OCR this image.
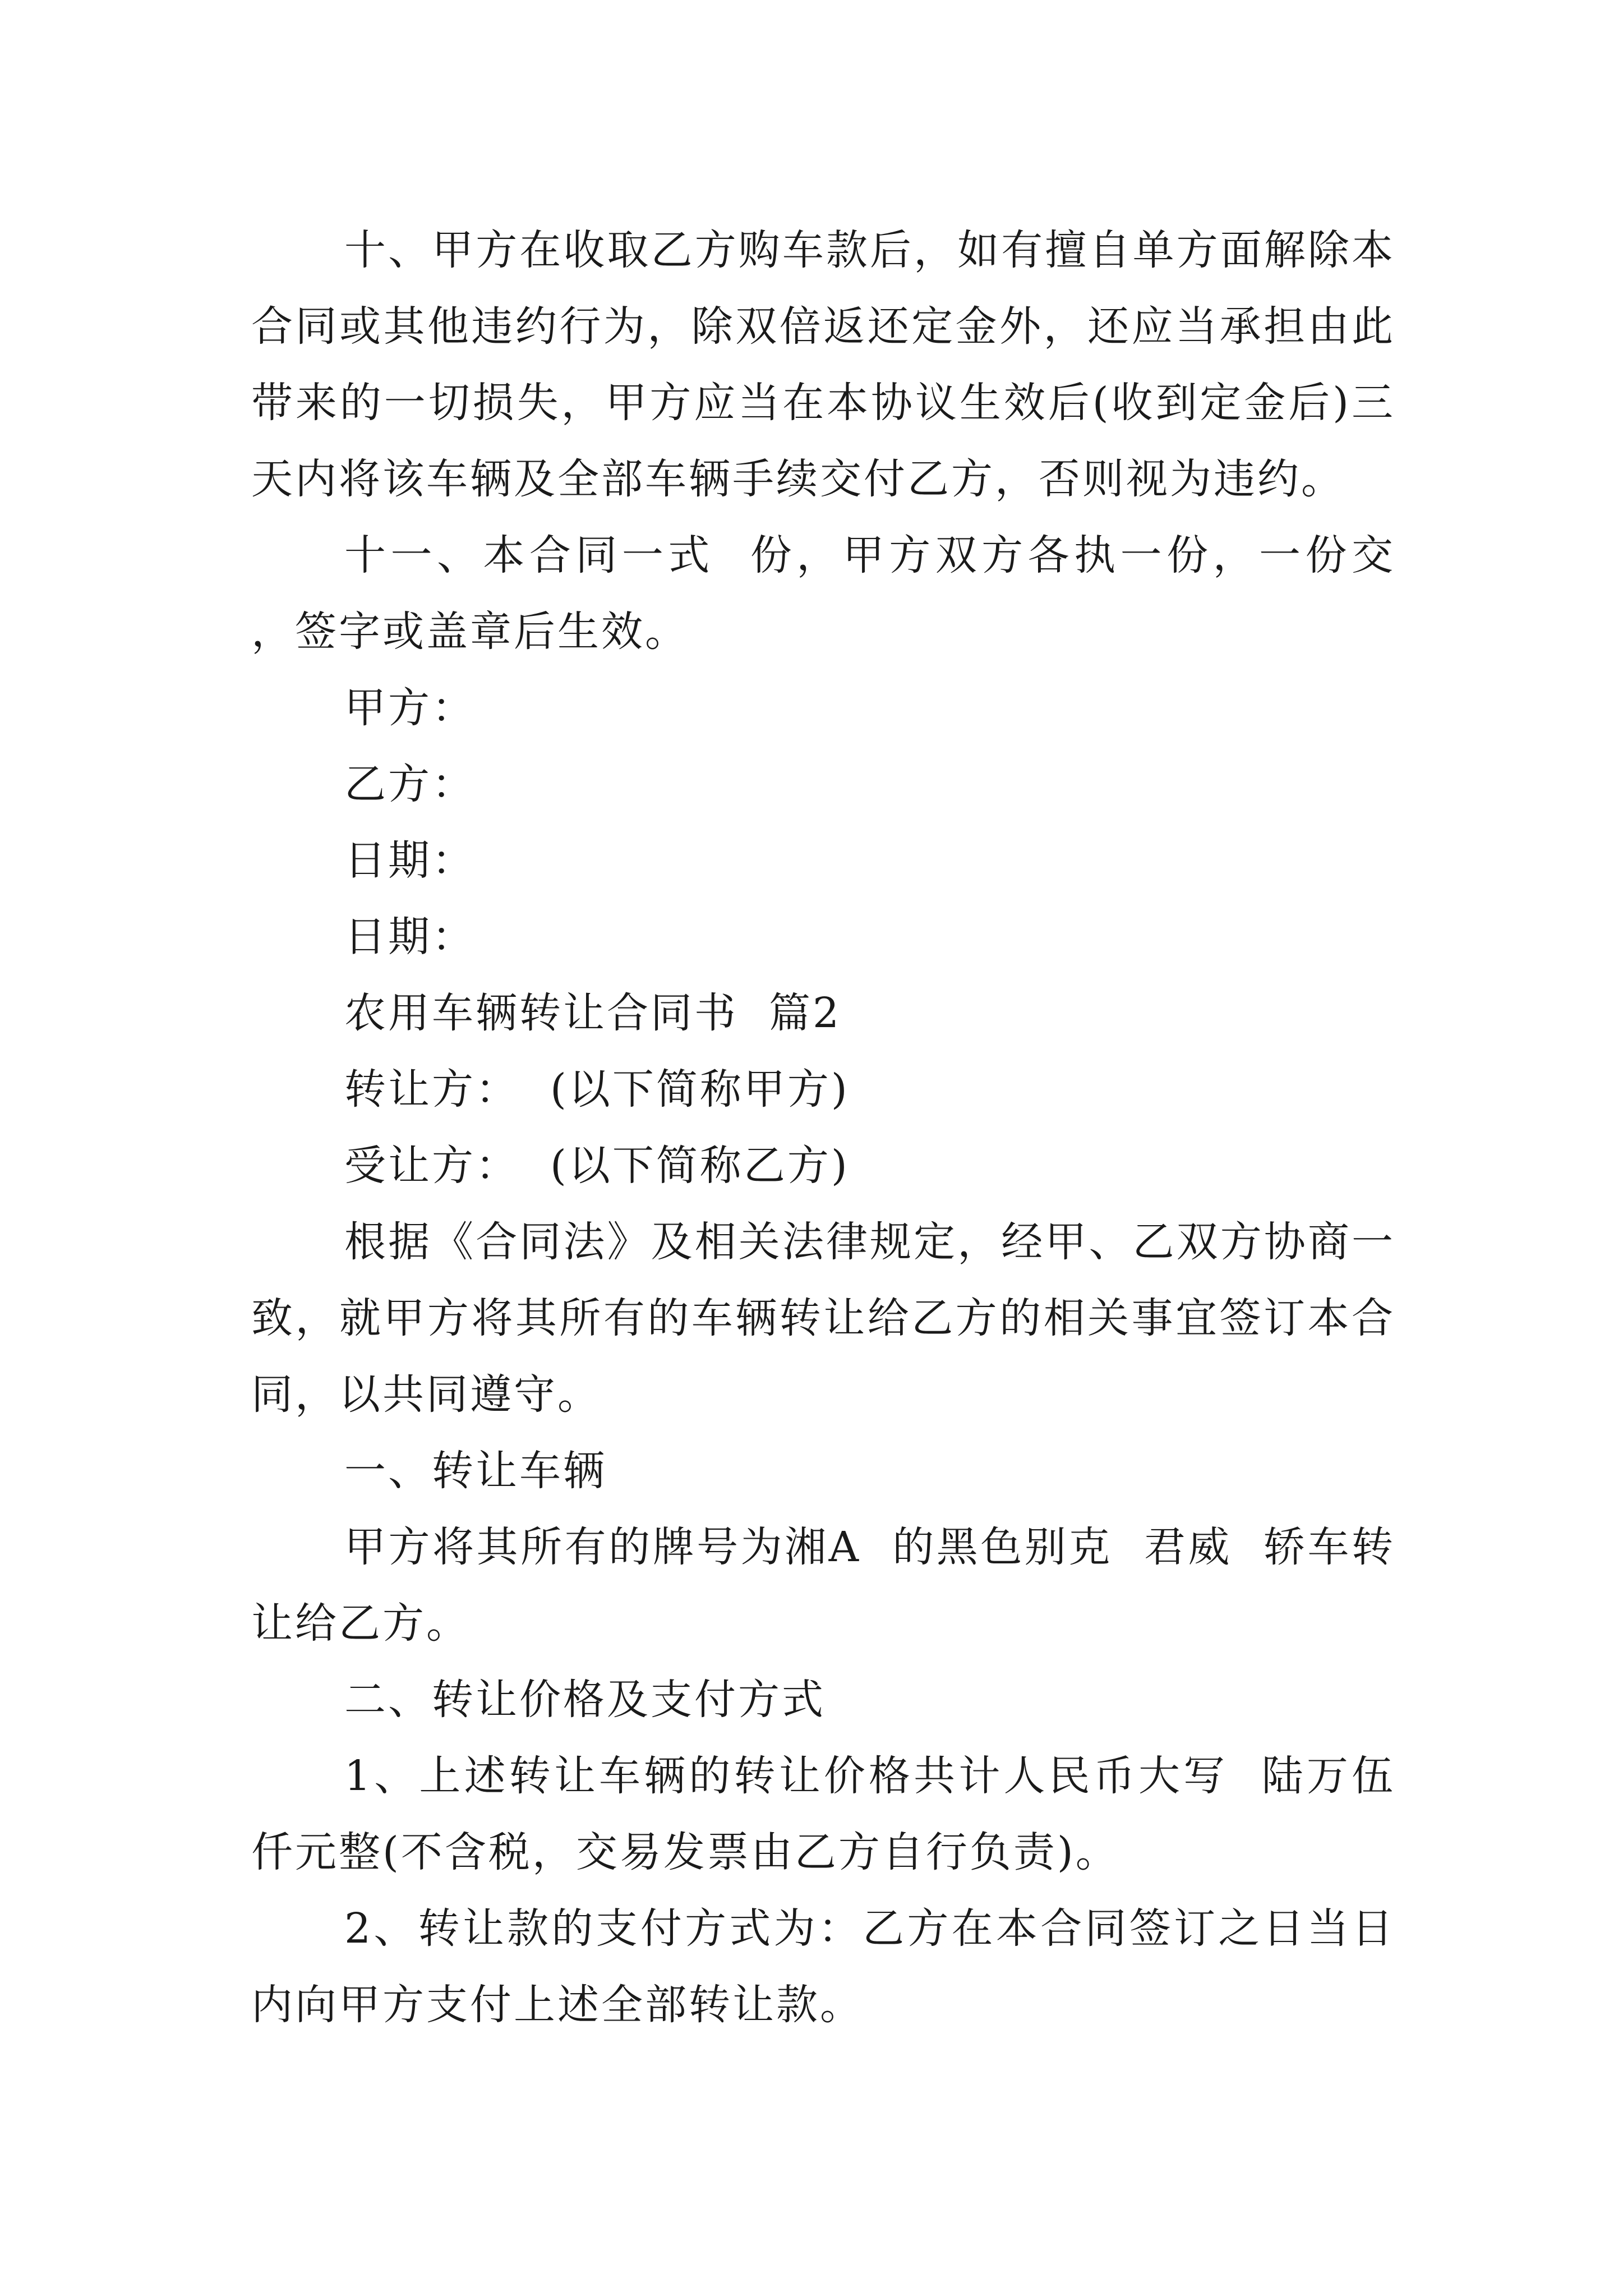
十、甲方在收取乙方购车款后，如有擅自单方面解除本合同或其他违约行为，除双倍返还定金外，还应当承担由此带来的一切损失，甲方应当在本协议生效后(收到定金后)三天内将该车辆及全部车辆手续交付乙方，否则视为违约。

十一、本合同一式  份，甲方双方各执一份，一份交  ，签字或盖章后生效。

甲方：

乙方：

日期：

日期：

农用车辆转让合同书  篇2

转让方：  (以下简称甲方)

受让方：  (以下简称乙方)

根据《合同法》及相关法律规定，经甲、乙双方协商一致，就甲方将其所有的车辆转让给乙方的相关事宜签订本合同，以共同遵守。

一、转让车辆

甲方将其所有的牌号为湘A  的黑色别克  君威  轿车转让给乙方。

二、转让价格及支付方式

1、上述转让车辆的转让价格共计人民币大写  陆万伍仟元整(不含税，交易发票由乙方自行负责)。

2、转让款的支付方式为：乙方在本合同签订之日当日内向甲方支付上述全部转让款。
